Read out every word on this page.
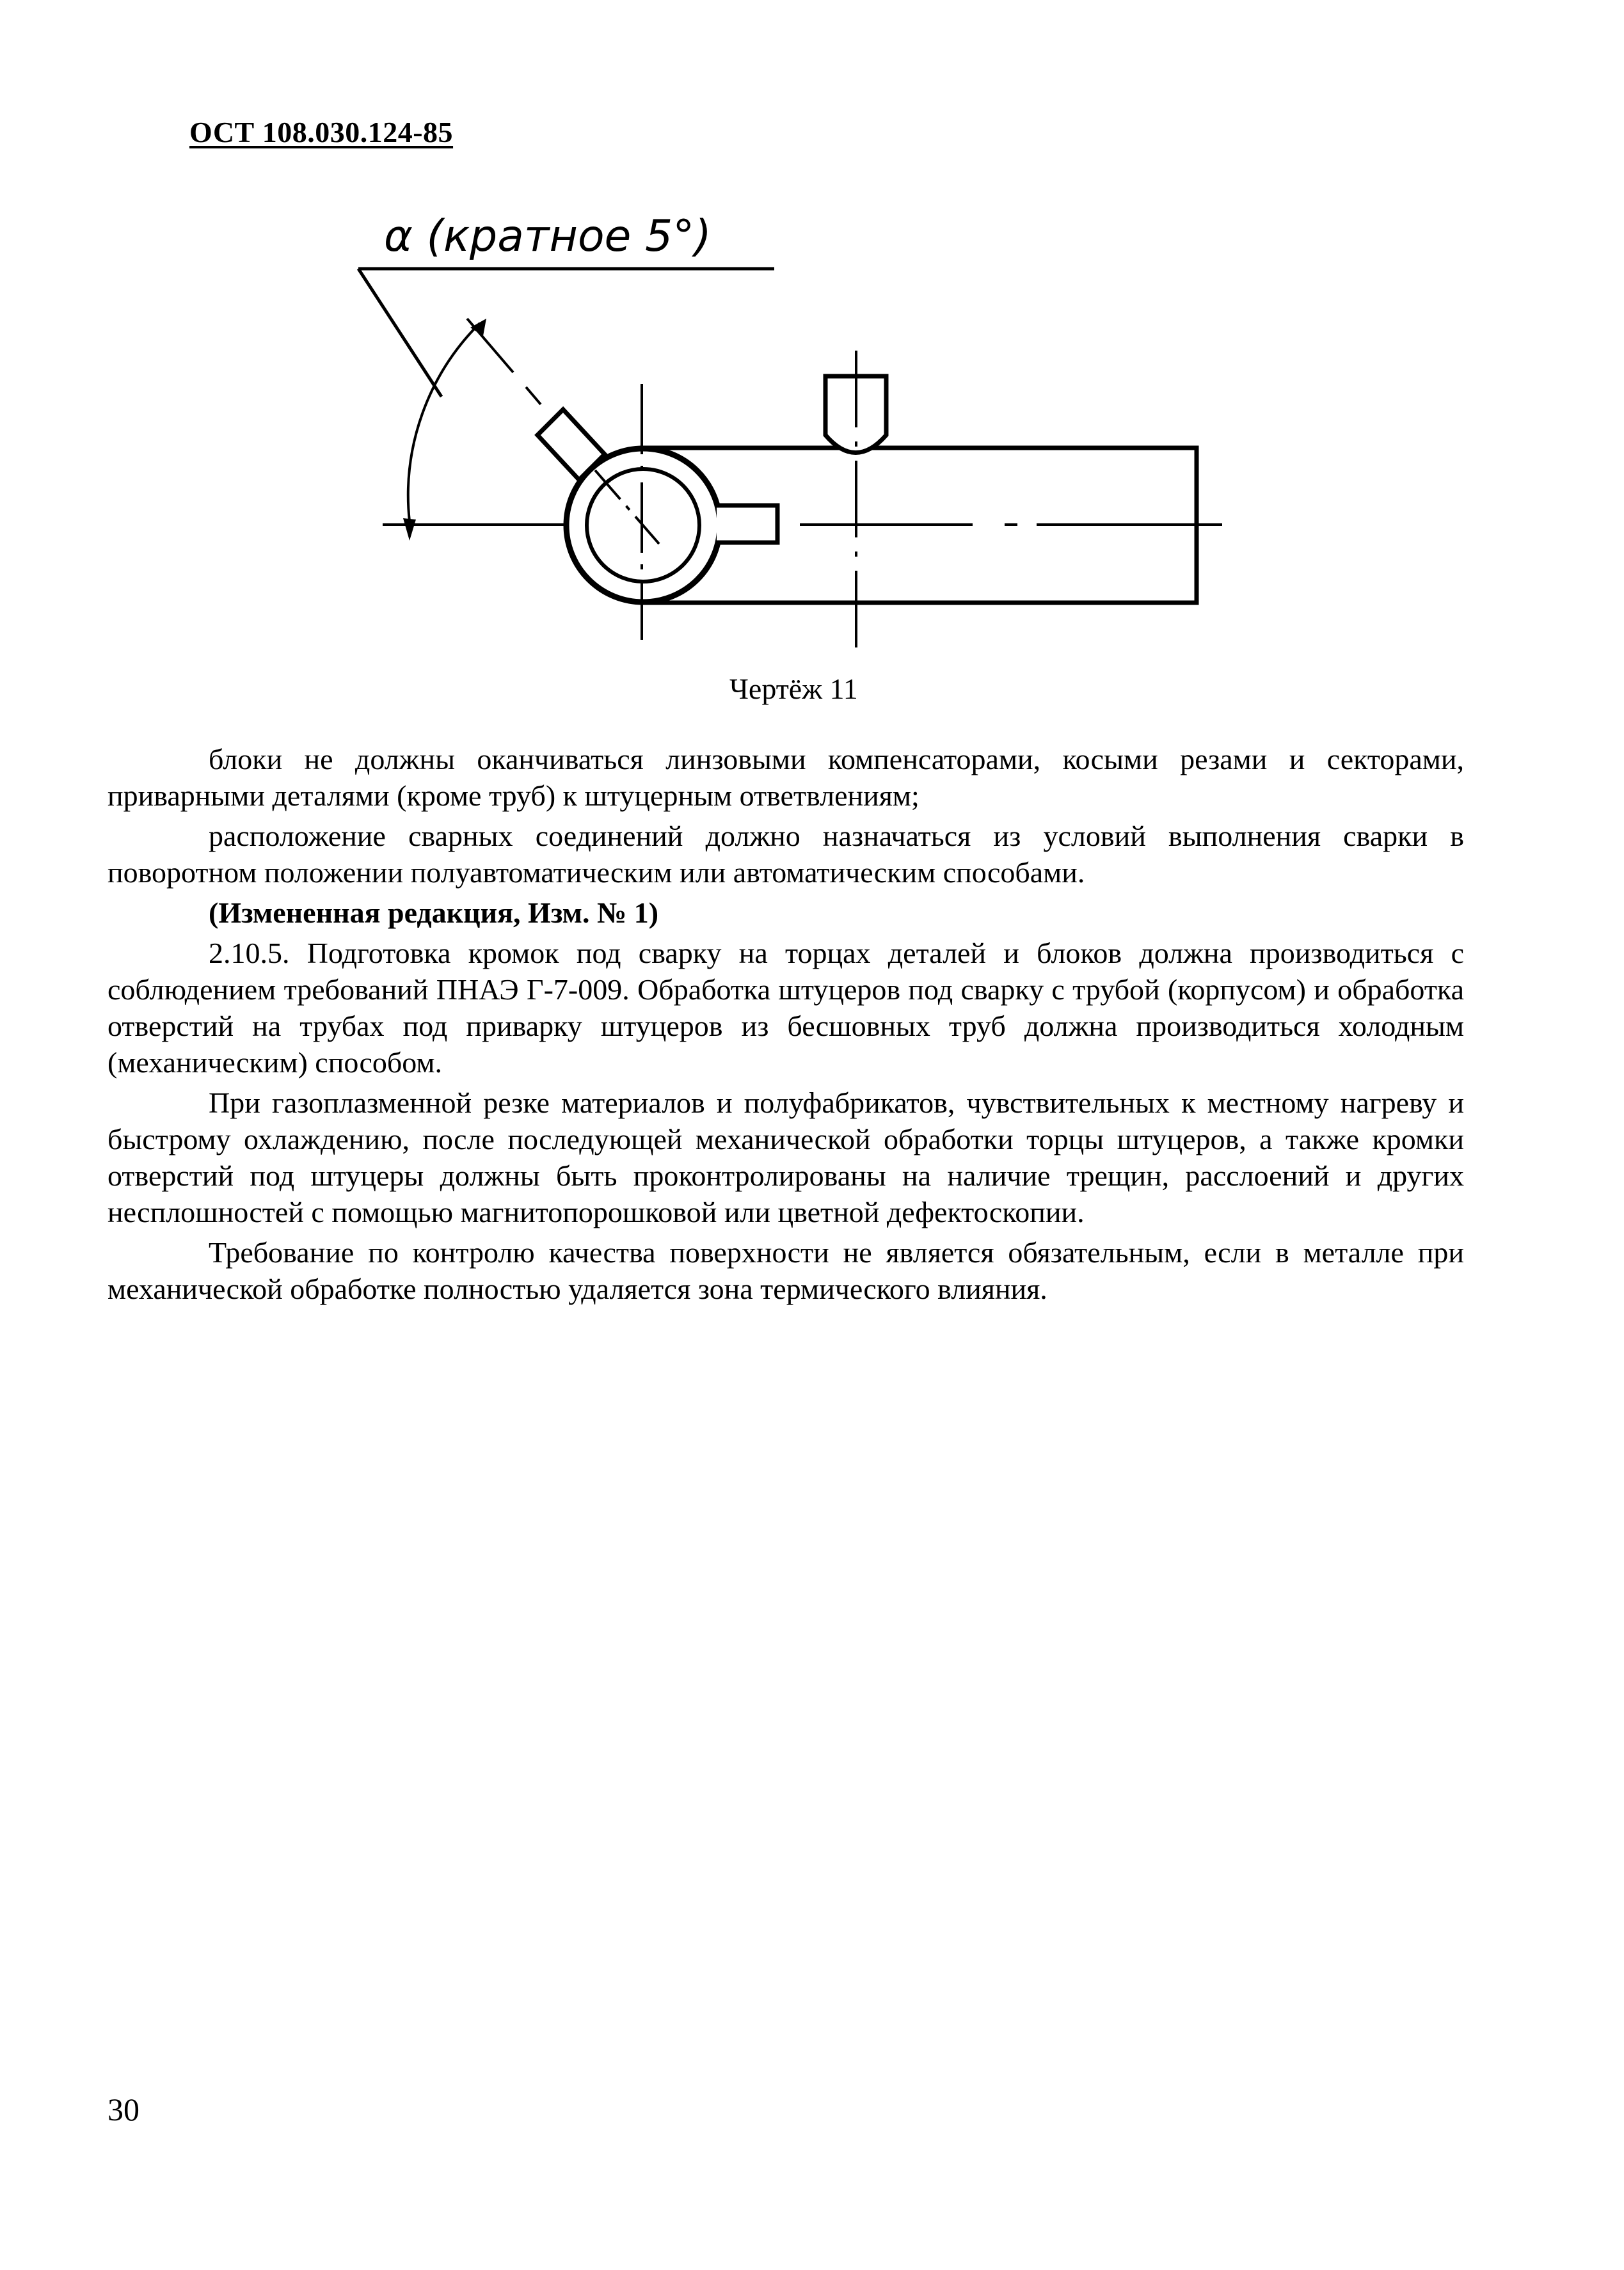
ОСТ 108.030.124-85
α (кратное 5°)
Чертёж 11

блоки не должны оканчиваться линзовыми компенсаторами, косыми резами и секторами, приварными деталями (кроме труб) к штуцерным ответвлениям;

расположение сварных соединений должно назначаться из условий выполнения сварки в поворотном положении полуавтоматическим или автоматическим способами.

(Измененная редакция, Изм. № 1)

2.10.5. Подготовка кромок под сварку на торцах деталей и блоков должна производиться с соблюдением требований ПНАЭ Г-7-009. Обработка штуцеров под сварку с трубой (корпусом) и обработка отверстий на трубах под приварку штуцеров из бесшовных труб должна производиться холодным (механическим) способом.

При газоплазменной резке материалов и полуфабрикатов, чувствительных к местному нагреву и быстрому охлаждению, после последующей механической обработки торцы штуцеров, а также кромки отверстий под штуцеры должны быть проконтролированы на наличие трещин, расслоений и других несплошностей с помощью магнитопорошковой или цветной дефектоскопии.

Требование по контролю качества поверхности не является обязательным, если в металле при механической обработке полностью удаляется зона термического влияния.

30
